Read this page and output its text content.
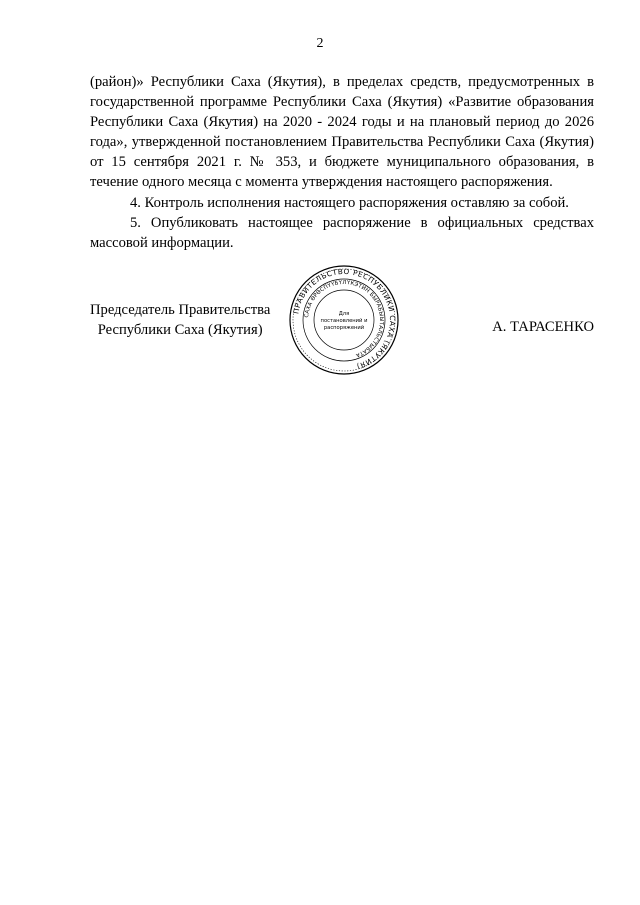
2

(район)» Республики Саха (Якутия), в пределах средств, предусмотренных в государственной программе Республики Саха (Якутия) «Развитие образования Республики Саха (Якутия) на 2020 - 2024 годы и на плановый период до 2026 года», утвержденной постановлением Правительства Республики Саха (Якутия) от 15 сентября 2021 г. № 353, и бюджете муниципального образования, в течение одного месяца с момента утверждения настоящего распоряжения.

4. Контроль исполнения настоящего распоряжения оставляю за собой.

5. Опубликовать настоящее распоряжение в официальных средствах массовой информации.

Председатель Правительства
Республики Саха (Якутия)
ПРАВИТЕЛЬСТВО РЕСПУБЛИКИ САХА (ЯКУТИЯ)
САХА ӨРӨСПҮҮБҮЛҮКЭТИН БЫРАБЫЫТАЛЬСТЫБАТА
Для
постановлений и
распоряжений	А. ТАРАСЕНКО
